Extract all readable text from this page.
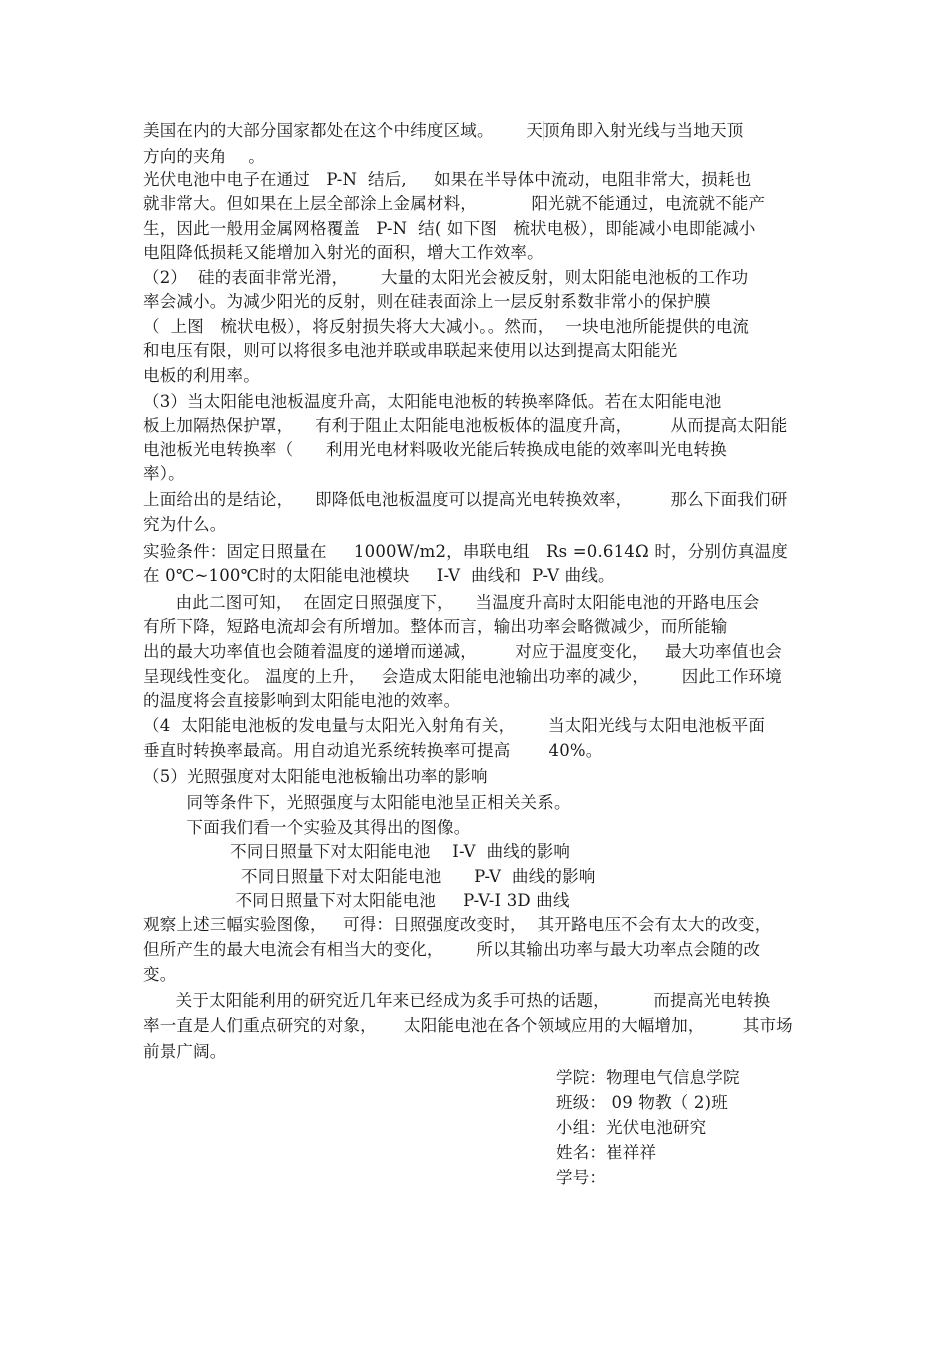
美国在内的大部分国家都处在这个中纬度区域。      天顶角即入射光线与当地天顶
方向的夹角    。
光伏电池中电子在通过   P-N  结后,     如果在半导体中流动，电阻非常大，损耗也
就非常大。但如果在上层全部涂上金属材料，          阳光就不能通过，电流就不能产
生，因此一般用金属网格覆盖   P-N  结( 如下图   梳状电极），即能减小电即能减小
电阻降低损耗又能增加入射光的面积，增大工作效率。
（2）  硅的表面非常光滑，      大量的太阳光会被反射，则太阳能电池板的工作功
率会减小。为减少阳光的反射，则在硅表面涂上一层反射系数非常小的保护膜
（  上图   梳状电极），将反射损失将大大减小。。然而，  一块电池所能提供的电流
和电压有限，则可以将很多电池并联或串联起来使用以达到提高太阳能光
电板的利用率。
（3）当太阳能电池板温度升高，太阳能电池板的转换率降低。若在太阳能电池
板上加隔热保护罩，    有利于阻止太阳能电池板板体的温度升高，       从而提高太阳能
电池板光电转换率（      利用光电材料吸收光能后转换成电能的效率叫光电转换
率）。
上面给出的是结论，    即降低电池板温度可以提高光电转换效率，       那么下面我们研
究为什么。
实验条件：固定日照量在     1000W/m2，串联电组   Rs =0.614Ω 时，分别仿真温度
在 0℃~100℃时的太阳能电池模块     I-V  曲线和  P-V 曲线。
由此二图可知，  在固定日照强度下，    当温度升高时太阳能电池的开路电压会
有所下降，短路电流却会有所增加。整体而言，输出功率会略微减少，而所能输
出的最大功率值也会随着温度的递增而递减，       对应于温度变化，   最大功率值也会
呈现线性变化。 温度的上升，   会造成太阳能电池输出功率的减少，      因此工作环境
的温度将会直接影响到太阳能电池的效率。
（4  太阳能电池板的发电量与太阳光入射角有关，      当太阳光线与太阳电池板平面
垂直时转换率最高。用自动追光系统转换率可提高       40%。
（5）光照强度对太阳能电池板输出功率的影响
同等条件下，光照强度与太阳能电池呈正相关关系。
下面我们看一个实验及其得出的图像。
不同日照量下对太阳能电池    I-V  曲线的影响
不同日照量下对太阳能电池      P-V  曲线的影响
不同日照量下对太阳能电池     P-V-I 3D 曲线
观察上述三幅实验图像，   可得：日照强度改变时，  其开路电压不会有太大的改变，
但所产生的最大电流会有相当大的变化，      所以其输出功率与最大功率点会随的改
变。
关于太阳能利用的研究近几年来已经成为炙手可热的话题，        而提高光电转换
率一直是人们重点研究的对象，     太阳能电池在各个领域应用的大幅增加，       其市场
前景广阔。
学院：物理电气信息学院
班级： 09 物教（ 2)班
小组：光伏电池研究
姓名：崔祥祥
学号：
